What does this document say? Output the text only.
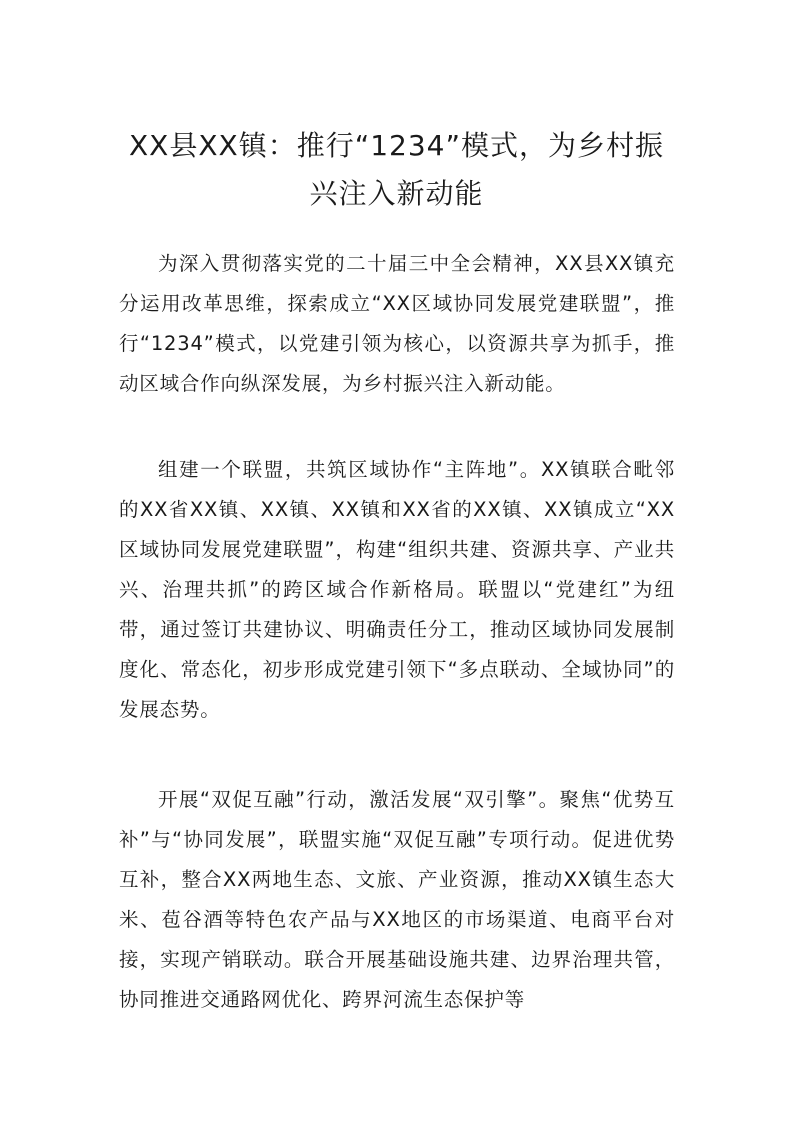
XX县XX镇：推行“1234”模式，为乡村振
兴注入新动能

为深入贯彻落实党的二十届三中全会精神，XX县XX镇充分运用改革思维，探索成立“XX区域协同发展党建联盟”，推行“1234”模式，以党建引领为核心，以资源共享为抓手，推动区域合作向纵深发展，为乡村振兴注入新动能。

组建一个联盟，共筑区域协作“主阵地”。XX镇联合毗邻的XX省XX镇、XX镇、XX镇和XX省的XX镇、XX镇成立“XX区域协同发展党建联盟”，构建“组织共建、资源共享、产业共兴、治理共抓”的跨区域合作新格局。联盟以“党建红”为纽带，通过签订共建协议、明确责任分工，推动区域协同发展制度化、常态化，初步形成党建引领下“多点联动、全域协同”的发展态势。

开展“双促互融”行动，激活发展“双引擎”。聚焦“优势互补”与“协同发展”，联盟实施“双促互融”专项行动。促进优势互补，整合XX两地生态、文旅、产业资源，推动XX镇生态大米、苞谷酒等特色农产品与XX地区的市场渠道、电商平台对接，实现产销联动。联合开展基础设施共建、边界治理共管，协同推进交通路网优化、跨界河流生态保护等
